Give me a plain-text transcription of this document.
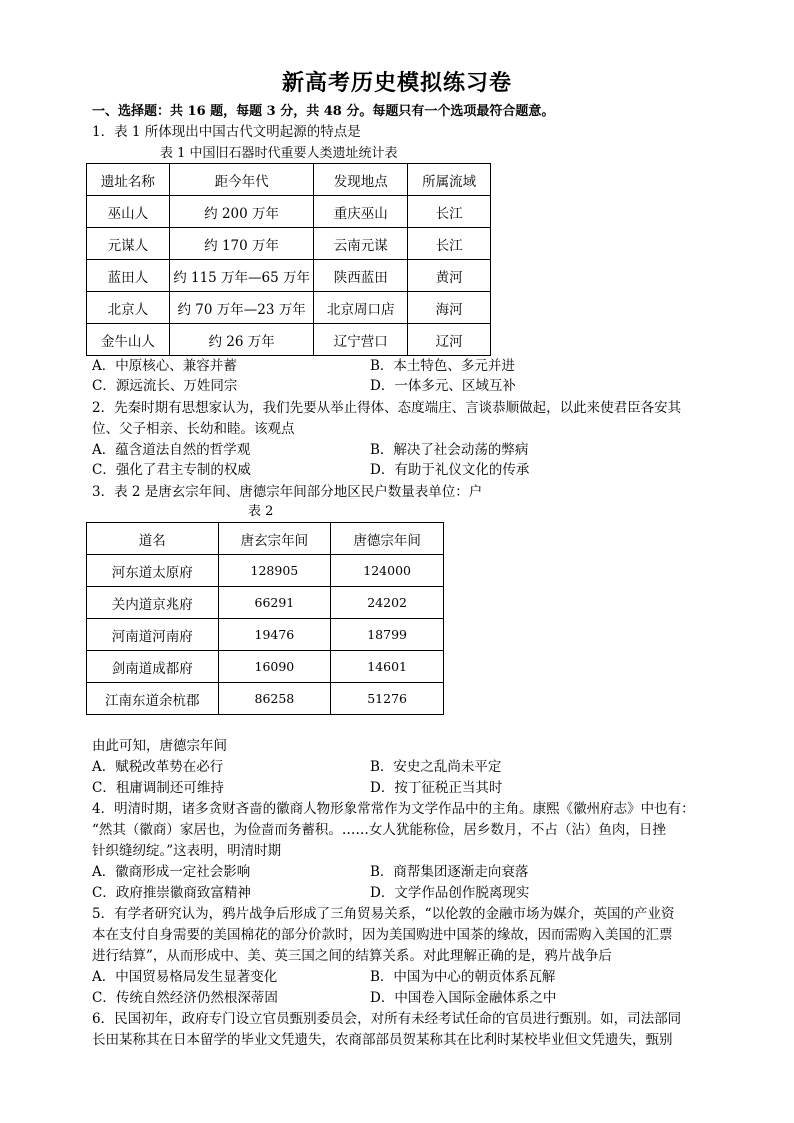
新高考历史模拟练习卷
一、选择题：共 16 题，每题 3 分，共 48 分。每题只有一个选项最符合题意。
1．表 1 所体现出中国古代文明起源的特点是
表 1 中国旧石器时代重要人类遗址统计表
遗址名称	距今年代	发现地点	所属流域
巫山人	约 200 万年	重庆巫山	长江
元谋人	约 170 万年	云南元谋	长江
蓝田人	约 115 万年—65 万年	陕西蓝田	黄河
北京人	约 70 万年—23 万年	北京周口店	海河
金牛山人	约 26 万年	辽宁营口	辽河
A．中原核心、兼容并蓄	B．本土特色、多元并进
C．源远流长、万姓同宗	D．一体多元、区域互补
2．先秦时期有思想家认为，我们先要从举止得体、态度端庄、言谈恭顺做起，以此来使君臣各安其
位、父子相亲、长幼和睦。该观点
A．蕴含道法自然的哲学观	B．解决了社会动荡的弊病
C．强化了君主专制的权威	D．有助于礼仪文化的传承
3．表 2 是唐玄宗年间、唐德宗年间部分地区民户数量表单位：户
表 2
道名	唐玄宗年间	唐德宗年间
河东道太原府	128905	124000
关内道京兆府	66291	24202
河南道河南府	19476	18799
剑南道成都府	16090	14601
江南东道余杭郡	86258	51276
由此可知，唐德宗年间
A．赋税改革势在必行	B．安史之乱尚未平定
C．租庸调制还可维持	D．按丁征税正当其时
4．明清时期，诸多贪财吝啬的徽商人物形象常常作为文学作品中的主角。康熙《徽州府志》中也有：
“然其（徽商）家居也，为俭啬而务蓄积。……女人犹能称俭，居乡数月，不占（沾）鱼肉，日挫
针织缝纫绽。”这表明，明清时期
A．徽商形成一定社会影响	B．商帮集团逐渐走向衰落
C．政府推崇徽商致富精神	D．文学作品创作脱离现实
5．有学者研究认为，鸦片战争后形成了三角贸易关系，“以伦敦的金融市场为媒介，英国的产业资
本在支付自身需要的美国棉花的部分价款时，因为美国购进中国茶的缘故，因而需购入美国的汇票
进行结算”，从而形成中、美、英三国之间的结算关系。对此理解正确的是，鸦片战争后
A．中国贸易格局发生显著变化	B．中国为中心的朝贡体系瓦解
C．传统自然经济仍然根深蒂固	D．中国卷入国际金融体系之中
6．民国初年，政府专门设立官员甄别委员会，对所有未经考试任命的官员进行甄别。如，司法部同
长田某称其在日本留学的毕业文凭遗失，农商部部员贺某称其在比利时某校毕业但文凭遗失，甄别
